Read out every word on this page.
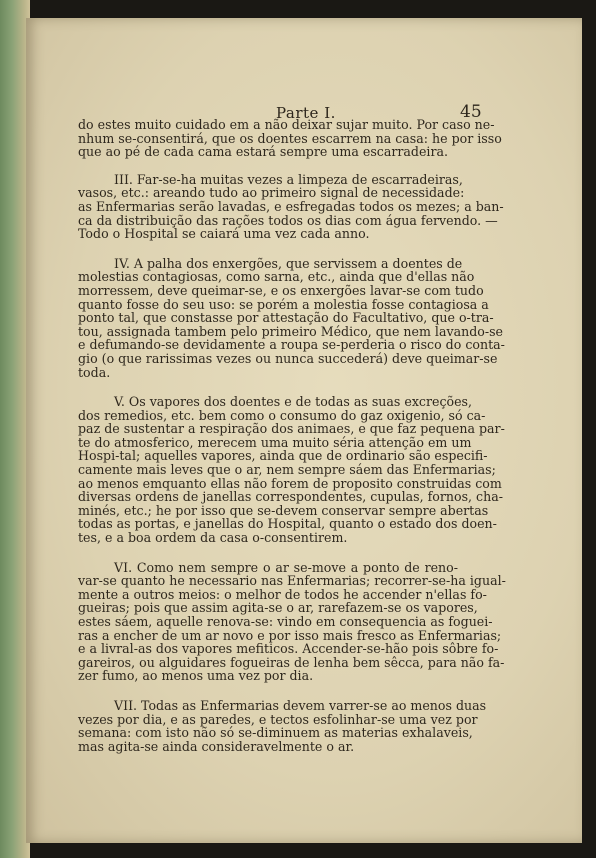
Parte I.	45
do estes muito cuidado em a não deixar sujar muito. Por caso ne-
nhum se-consentirá, que os doentes escarrem na casa: he por isso
que ao pé de cada cama estará sempre uma escarradeira.
III. Far-se-ha muitas vezes a limpeza de escarradeiras,
vasos, etc.: areando tudo ao primeiro signal de necessidade:
as Enfermarias serão lavadas, e esfregadas todos os mezes; a ban-
ca da distribuição das rações todos os dias com água fervendo. —
Todo o Hospital se caiará uma vez cada anno.
IV. A palha dos enxergões, que servissem a doentes de
molestias contagiosas, como sarna, etc., ainda que d'ellas não
morressem, deve queimar-se, e os enxergões lavar-se com tudo
quanto fosse do seu uso: se porém a molestia fosse contagiosa a
ponto tal, que constasse por attestação do Facultativo, que o-tra-
tou, assignada tambem pelo primeiro Médico, que nem lavando-se
e defumando-se devidamente a roupa se-perderia o risco do conta-
gio (o que rarissimas vezes ou nunca succederá) deve queimar-se
toda.
V. Os vapores dos doentes e de todas as suas excreções,
dos remedios, etc. bem como o consumo do gaz oxigenio, só ca-
paz de sustentar a respiração dos animaes, e que faz pequena par-
te do atmosferico, merecem uma muito séria attenção em um
Hospi-tal; aquelles vapores, ainda que de ordinario são especifi-
camente mais leves que o ar, nem sempre sáem das Enfermarias;
ao menos emquanto ellas não forem de proposito construidas com
diversas ordens de janellas correspondentes, cupulas, fornos, cha-
minés, etc.; he por isso que se-devem conservar sempre abertas
todas as portas, e janellas do Hospital, quanto o estado dos doen-
tes, e a boa ordem da casa o-consentirem.
VI. Como nem sempre o ar se-move a ponto de reno-
var-se quanto he necessario nas Enfermarias; recorrer-se-ha igual-
mente a outros meios: o melhor de todos he accender n'ellas fo-
gueiras; pois que assim agita-se o ar, rarefazem-se os vapores,
estes sáem, aquelle renova-se: vindo em consequencia as foguei-
ras a encher de um ar novo e por isso mais fresco as Enfermarias;
e a livral-as dos vapores mefiticos. Accender-se-hão pois sôbre fo-
gareiros, ou alguidares fogueiras de lenha bem sêcca, para não fa-
zer fumo, ao menos uma vez por dia.
VII. Todas as Enfermarias devem varrer-se ao menos duas
vezes por dia, e as paredes, e tectos esfolinhar-se uma vez por
semana: com isto não só se-diminuem as materias exhalaveis,
mas agita-se ainda consideravelmente o ar.
